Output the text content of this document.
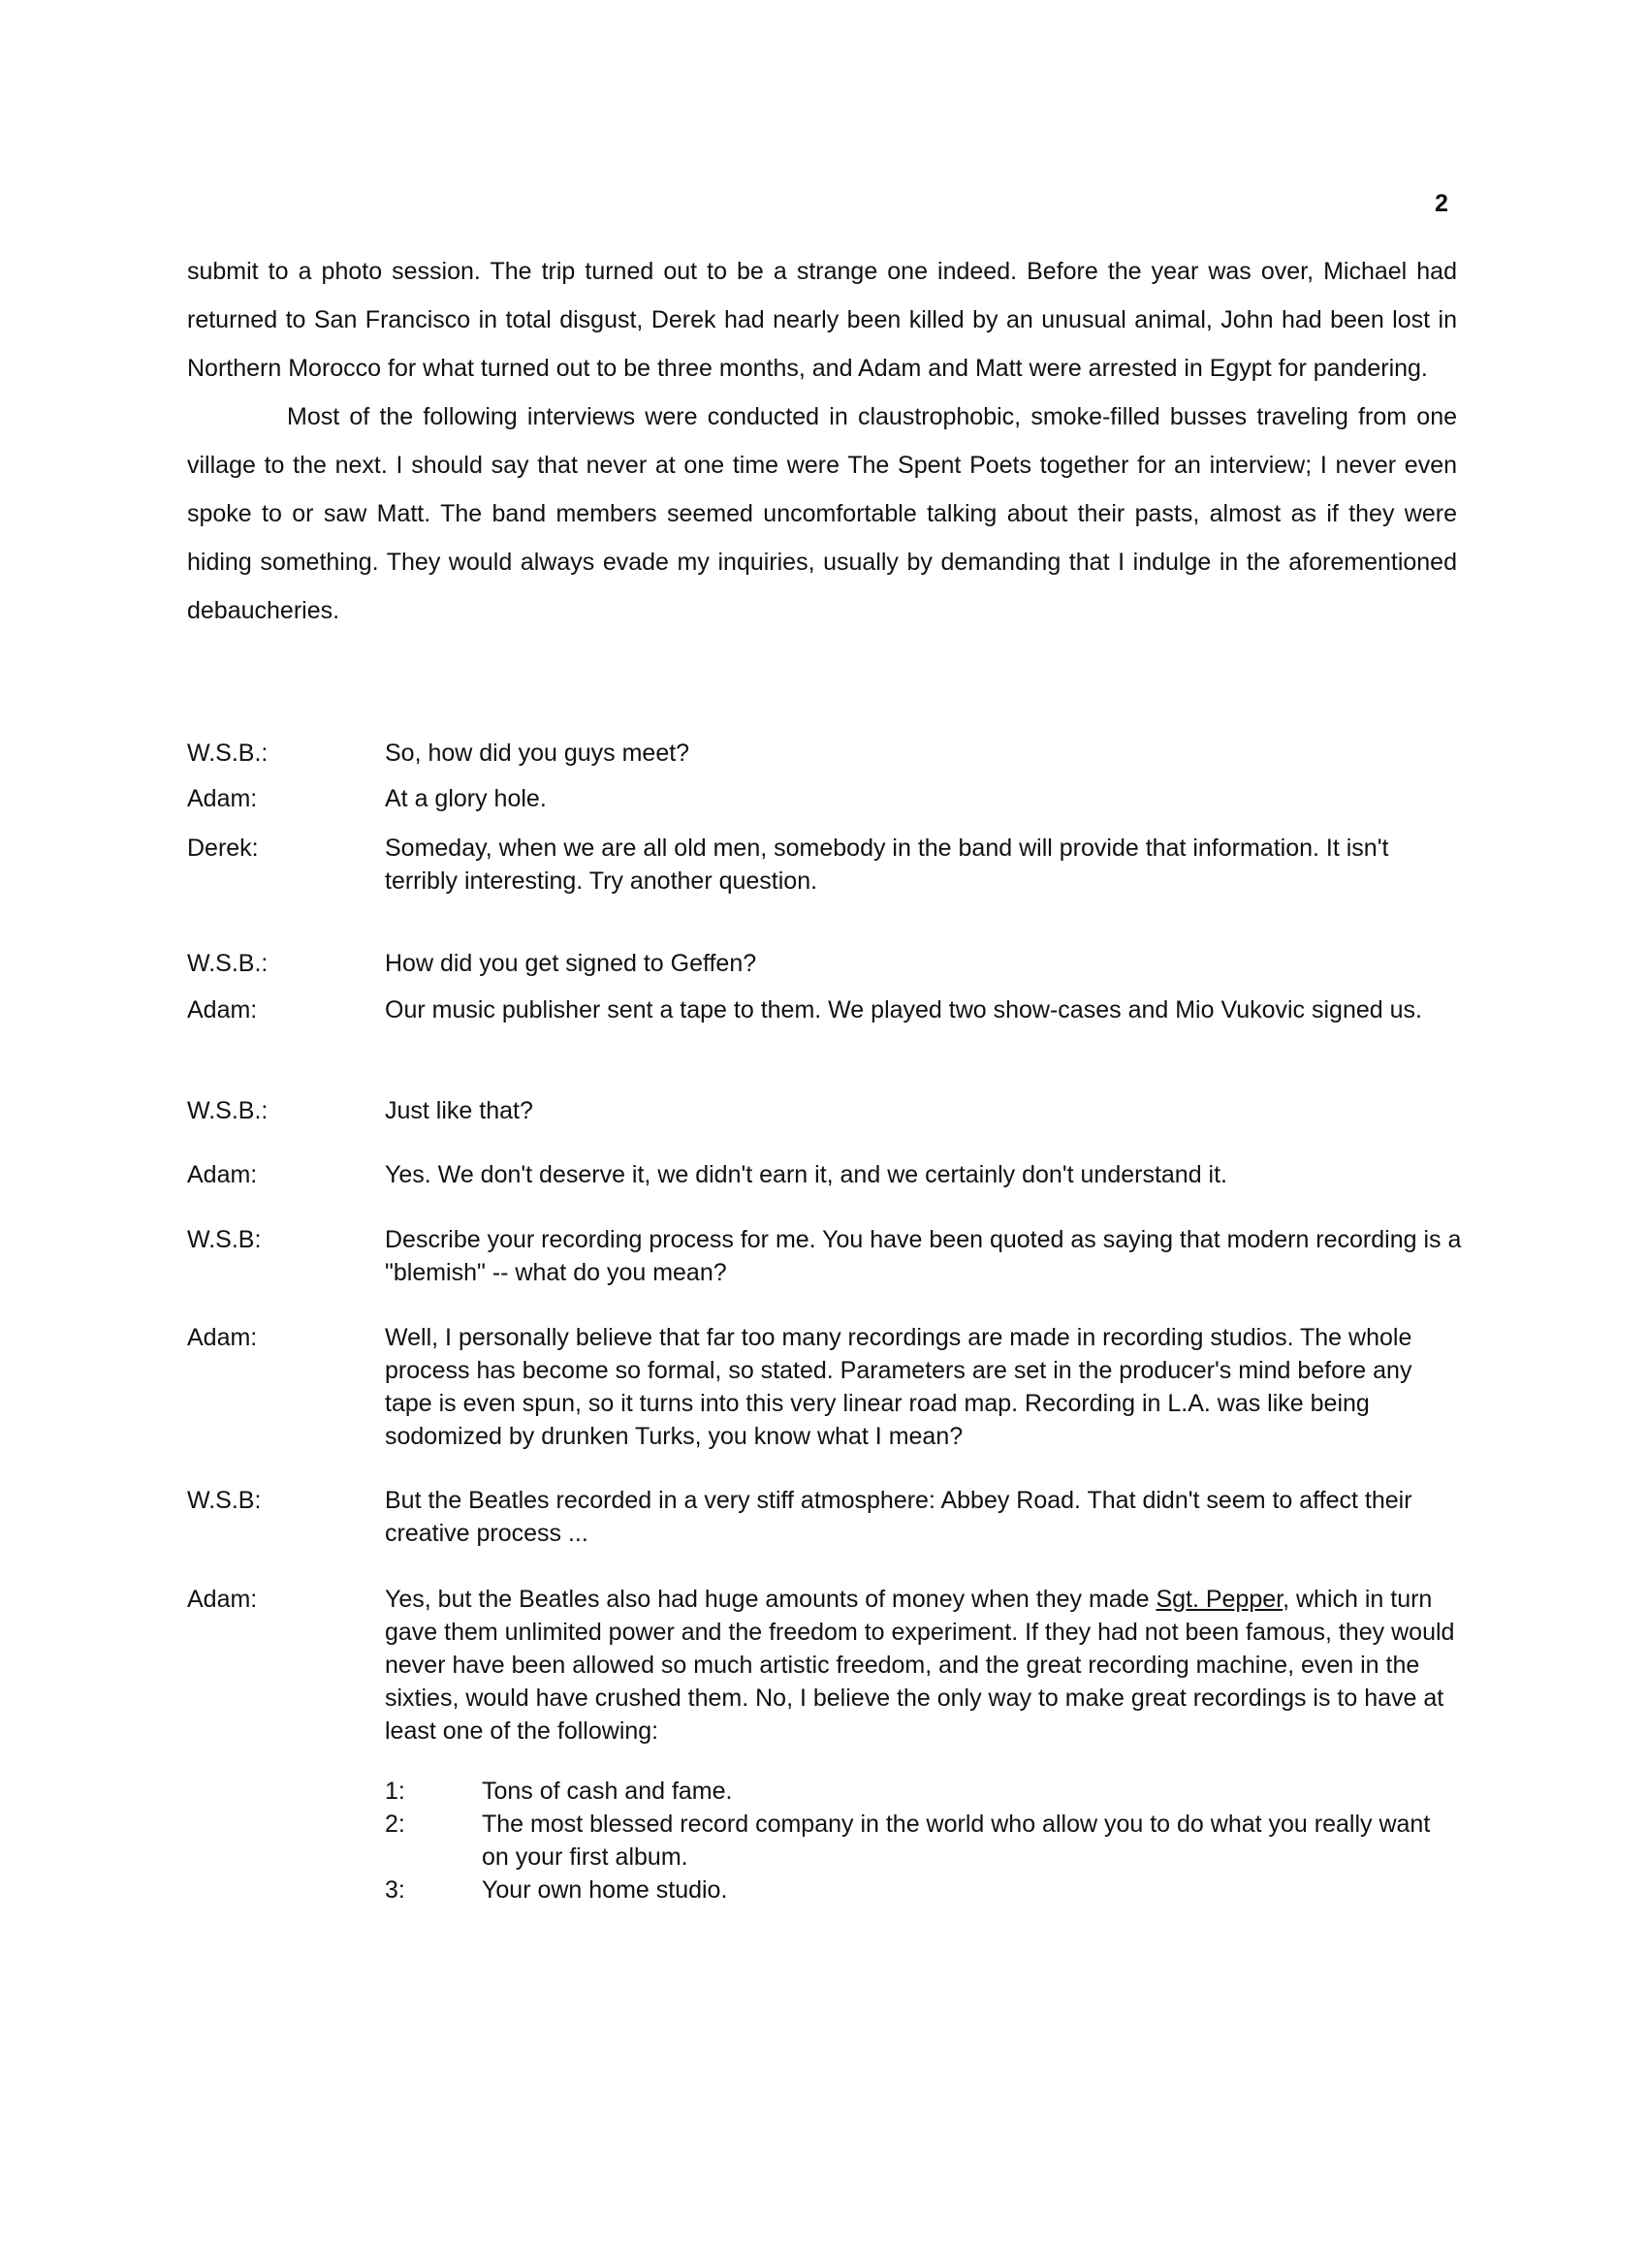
2

submit to a photo session. The trip turned out to be a strange one indeed. Before the year was over, Michael had returned to San Francisco in total disgust, Derek had nearly been killed by an unusual animal, John had been lost in Northern Morocco for what turned out to be three months, and Adam and Matt were arrested in Egypt for pandering.

Most of the following interviews were conducted in claustrophobic, smoke-filled busses traveling from one village to the next. I should say that never at one time were The Spent Poets together for an interview; I never even spoke to or saw Matt. The band members seemed uncomfortable talking about their pasts, almost as if they were hiding something. They would always evade my inquiries, usually by demanding that I indulge in the aforementioned debaucheries.

W.S.B.:	So, how did you guys meet?
Adam:	At a glory hole.
Derek:	Someday, when we are all old men, somebody in the band will provide that information. It isn't terribly interesting. Try another question.
W.S.B.:	How did you get signed to Geffen?
Adam:	Our music publisher sent a tape to them. We played two show-cases and Mio Vukovic signed us.
W.S.B.:	Just like that?
Adam:	Yes. We don't deserve it, we didn't earn it, and we certainly don't understand it.
W.S.B:	Describe your recording process for me. You have been quoted as saying that modern recording is a "blemish" -- what do you mean?
Adam:	Well, I personally believe that far too many recordings are made in recording studios. The whole process has become so formal, so stated. Parameters are set in the producer's mind before any tape is even spun, so it turns into this very linear road map. Recording in L.A. was like being sodomized by drunken Turks, you know what I mean?
W.S.B:	But the Beatles recorded in a very stiff atmosphere: Abbey Road. That didn't seem to affect their creative process ...
Adam:	Yes, but the Beatles also had huge amounts of money when they made Sgt. Pepper, which in turn gave them unlimited power and the freedom to experiment. If they had not been famous, they would never have been allowed so much artistic freedom, and the great recording machine, even in the sixties, would have crushed them. No, I believe the only way to make great recordings is to have at least one of the following:
1:	Tons of cash and fame.
2:	The most blessed record company in the world who allow you to do what you really want on your first album.
3:	Your own home studio.
